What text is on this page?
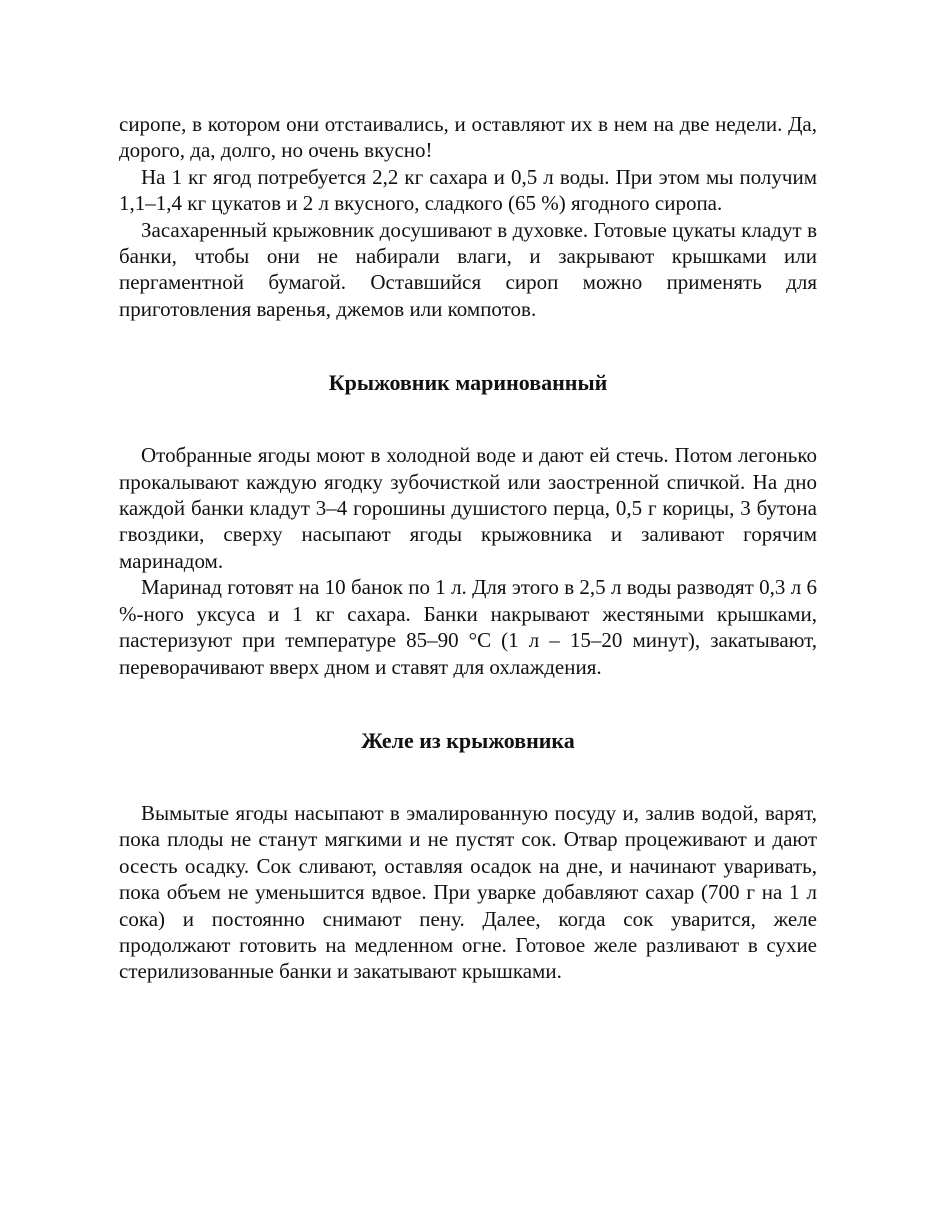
сиропе, в котором они отстаивались, и оставляют их в нем на две недели. Да, дорого, да, долго, но очень вкусно!

На 1 кг ягод потребуется 2,2 кг сахара и 0,5 л воды. При этом мы получим 1,1–1,4 кг цукатов и 2 л вкусного, сладкого (65 %) ягодного сиропа.

Засахаренный крыжовник досушивают в духовке. Готовые цукаты кладут в банки, чтобы они не набирали влаги, и закрывают крышками или пергаментной бумагой. Оставшийся сироп можно применять для приготовления варенья, джемов или компотов.

Крыжовник маринованный

Отобранные ягоды моют в холодной воде и дают ей стечь. Потом легонько прокалывают каждую ягодку зубочисткой или заостренной спичкой. На дно каждой банки кладут 3–4 горошины душистого перца, 0,5 г корицы, 3 бутона гвоздики, сверху насыпают ягоды крыжовника и заливают горячим маринадом.

Маринад готовят на 10 банок по 1 л. Для этого в 2,5 л воды разводят 0,3 л 6 %-ного уксуса и 1 кг сахара. Банки накрывают жестяными крышками, пастеризуют при температуре 85–90 °С (1 л – 15–20 минут), закатывают, переворачивают вверх дном и ставят для охлаждения.

Желе из крыжовника

Вымытые ягоды насыпают в эмалированную посуду и, залив водой, варят, пока плоды не станут мягкими и не пустят сок. Отвар процеживают и дают осесть осадку. Сок сливают, оставляя осадок на дне, и начинают уваривать, пока объем не уменьшится вдвое. При уварке добавляют сахар (700 г на 1 л сока) и постоянно снимают пену. Далее, когда сок уварится, желе продолжают готовить на медленном огне. Готовое желе разливают в сухие стерилизованные банки и закатывают крышками.
